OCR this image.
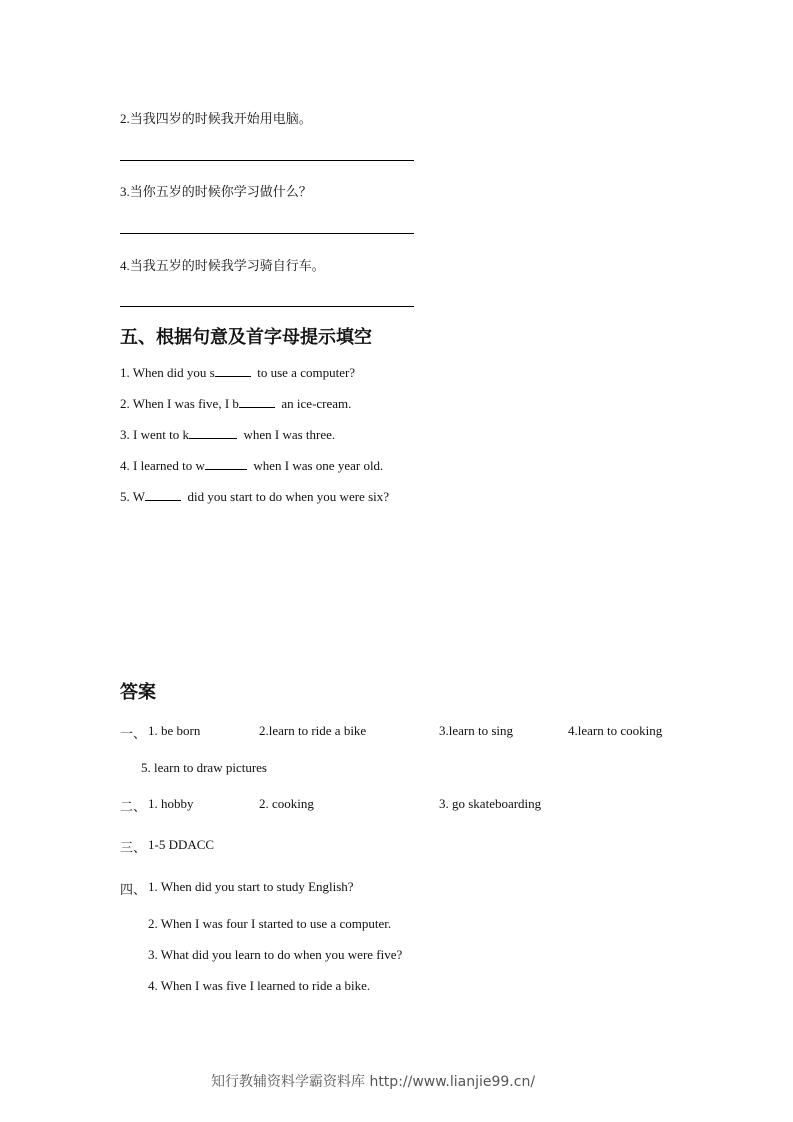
2.当我四岁的时候我开始用电脑。
3.当你五岁的时候你学习做什么？
4.当我五岁的时候我学习骑自行车。
五、根据句意及首字母提示填空
1. When did you s	to use a computer?
2. When I was five, I b	an ice-cream.
3. I went to k	when I was three.
4. I learned to w	when I was one year old.
5. W	did you start to do when you were six?
答案
一、 1. be born	2.learn to ride a bike	3.learn to sing	4.learn to cooking
5. learn to draw pictures
二、 1. hobby	2. cooking	3. go skateboarding
三、 1-5 DDACC
四、 1. When did you start to study English?
2. When I was four I started to use a computer.
3. What did you learn to do when you were five?
4. When I was five I learned to ride a bike.
知行教辅资料学霸资料库 http://www.lianjie99.cn/
